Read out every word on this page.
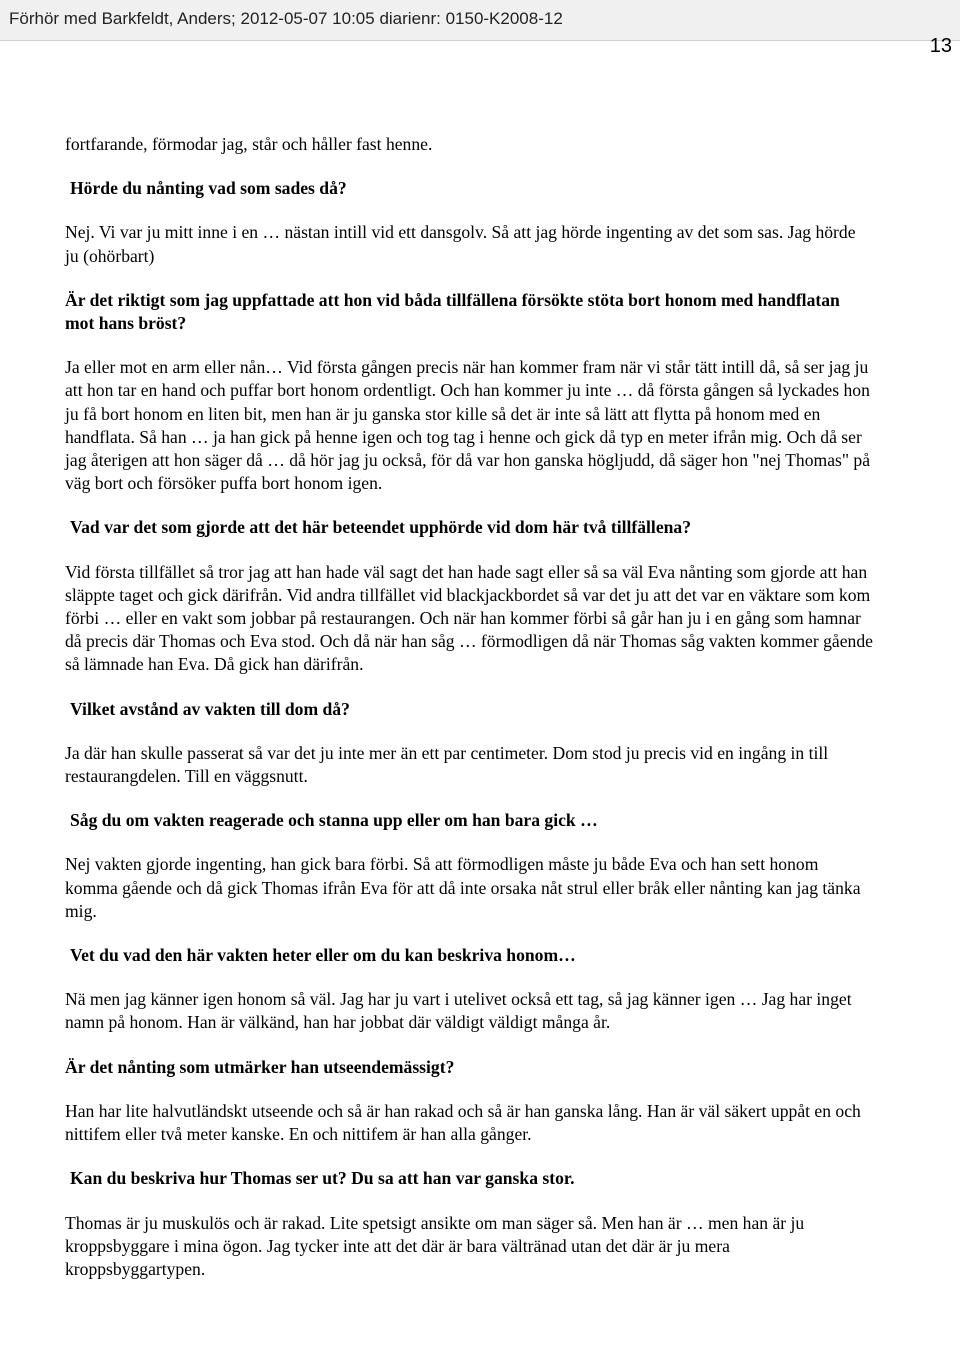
Förhör med Barkfeldt, Anders; 2012-05-07 10:05 diarienr: 0150-K2008-12
13

fortfarande, förmodar jag, står och håller fast henne.

Hörde du nånting vad som sades då?

Nej. Vi var ju mitt inne i en … nästan intill vid ett dansgolv. Så att jag hörde ingenting av det som sas. Jag hörde ju (ohörbart)

Är det riktigt som jag uppfattade att hon vid båda tillfällena försökte stöta bort honom med handflatan mot hans bröst?

Ja eller mot en arm eller nån… Vid första gången precis när han kommer fram när vi står tätt intill då, så ser jag ju att hon tar en hand och puffar bort honom ordentligt. Och han kommer ju inte … då första gången så lyckades hon ju få bort honom en liten bit, men han är ju ganska stor kille så det är inte så lätt att flytta på honom med en handflata. Så han … ja han gick på henne igen och tog tag i henne och gick då typ en meter ifrån mig. Och då ser jag återigen att hon säger då … då hör jag ju också, för då var hon ganska högljudd, då säger hon "nej Thomas" på väg bort och försöker puffa bort honom igen.

Vad var det som gjorde att det här beteendet upphörde vid dom här två tillfällena?

Vid första tillfället så tror jag att han hade väl sagt det han hade sagt eller så sa väl Eva nånting som gjorde att han släppte taget och gick därifrån. Vid andra tillfället vid blackjackbordet så var det ju att det var en väktare som kom förbi … eller en vakt som jobbar på restaurangen. Och när han kommer förbi så går han ju i en gång som hamnar då precis där Thomas och Eva stod. Och då när han såg … förmodligen då när Thomas såg vakten kommer gående så lämnade han Eva. Då gick han därifrån.

Vilket avstånd av vakten till dom då?

Ja där han skulle passerat så var det ju inte mer än ett par centimeter. Dom stod ju precis vid en ingång in till restaurangdelen. Till en väggsnutt.

Såg du om vakten reagerade och stanna upp eller om han bara gick …

Nej vakten gjorde ingenting, han gick bara förbi. Så att förmodligen måste ju både Eva och han sett honom komma gående och då gick Thomas ifrån Eva för att då inte orsaka nåt strul eller bråk eller nånting kan jag tänka mig.

Vet du vad den här vakten heter eller om du kan beskriva honom…

Nä men jag känner igen honom så väl. Jag har ju vart i utelivet också ett tag, så jag känner igen … Jag har inget namn på honom. Han är välkänd, han har jobbat där väldigt väldigt många år.

Är det nånting som utmärker han utseendemässigt?

Han har lite halvutländskt utseende och så är han rakad och så är han ganska lång. Han är väl säkert uppåt en och nittifem eller två meter kanske. En och nittifem är han alla gånger.

Kan du beskriva hur Thomas ser ut? Du sa att han var ganska stor.

Thomas är ju muskulös och är rakad. Lite spetsigt ansikte om man säger så. Men han är … men han är ju kroppsbyggare i mina ögon. Jag tycker inte att det där är bara vältränad utan det där är ju mera kroppsbyggartypen.
